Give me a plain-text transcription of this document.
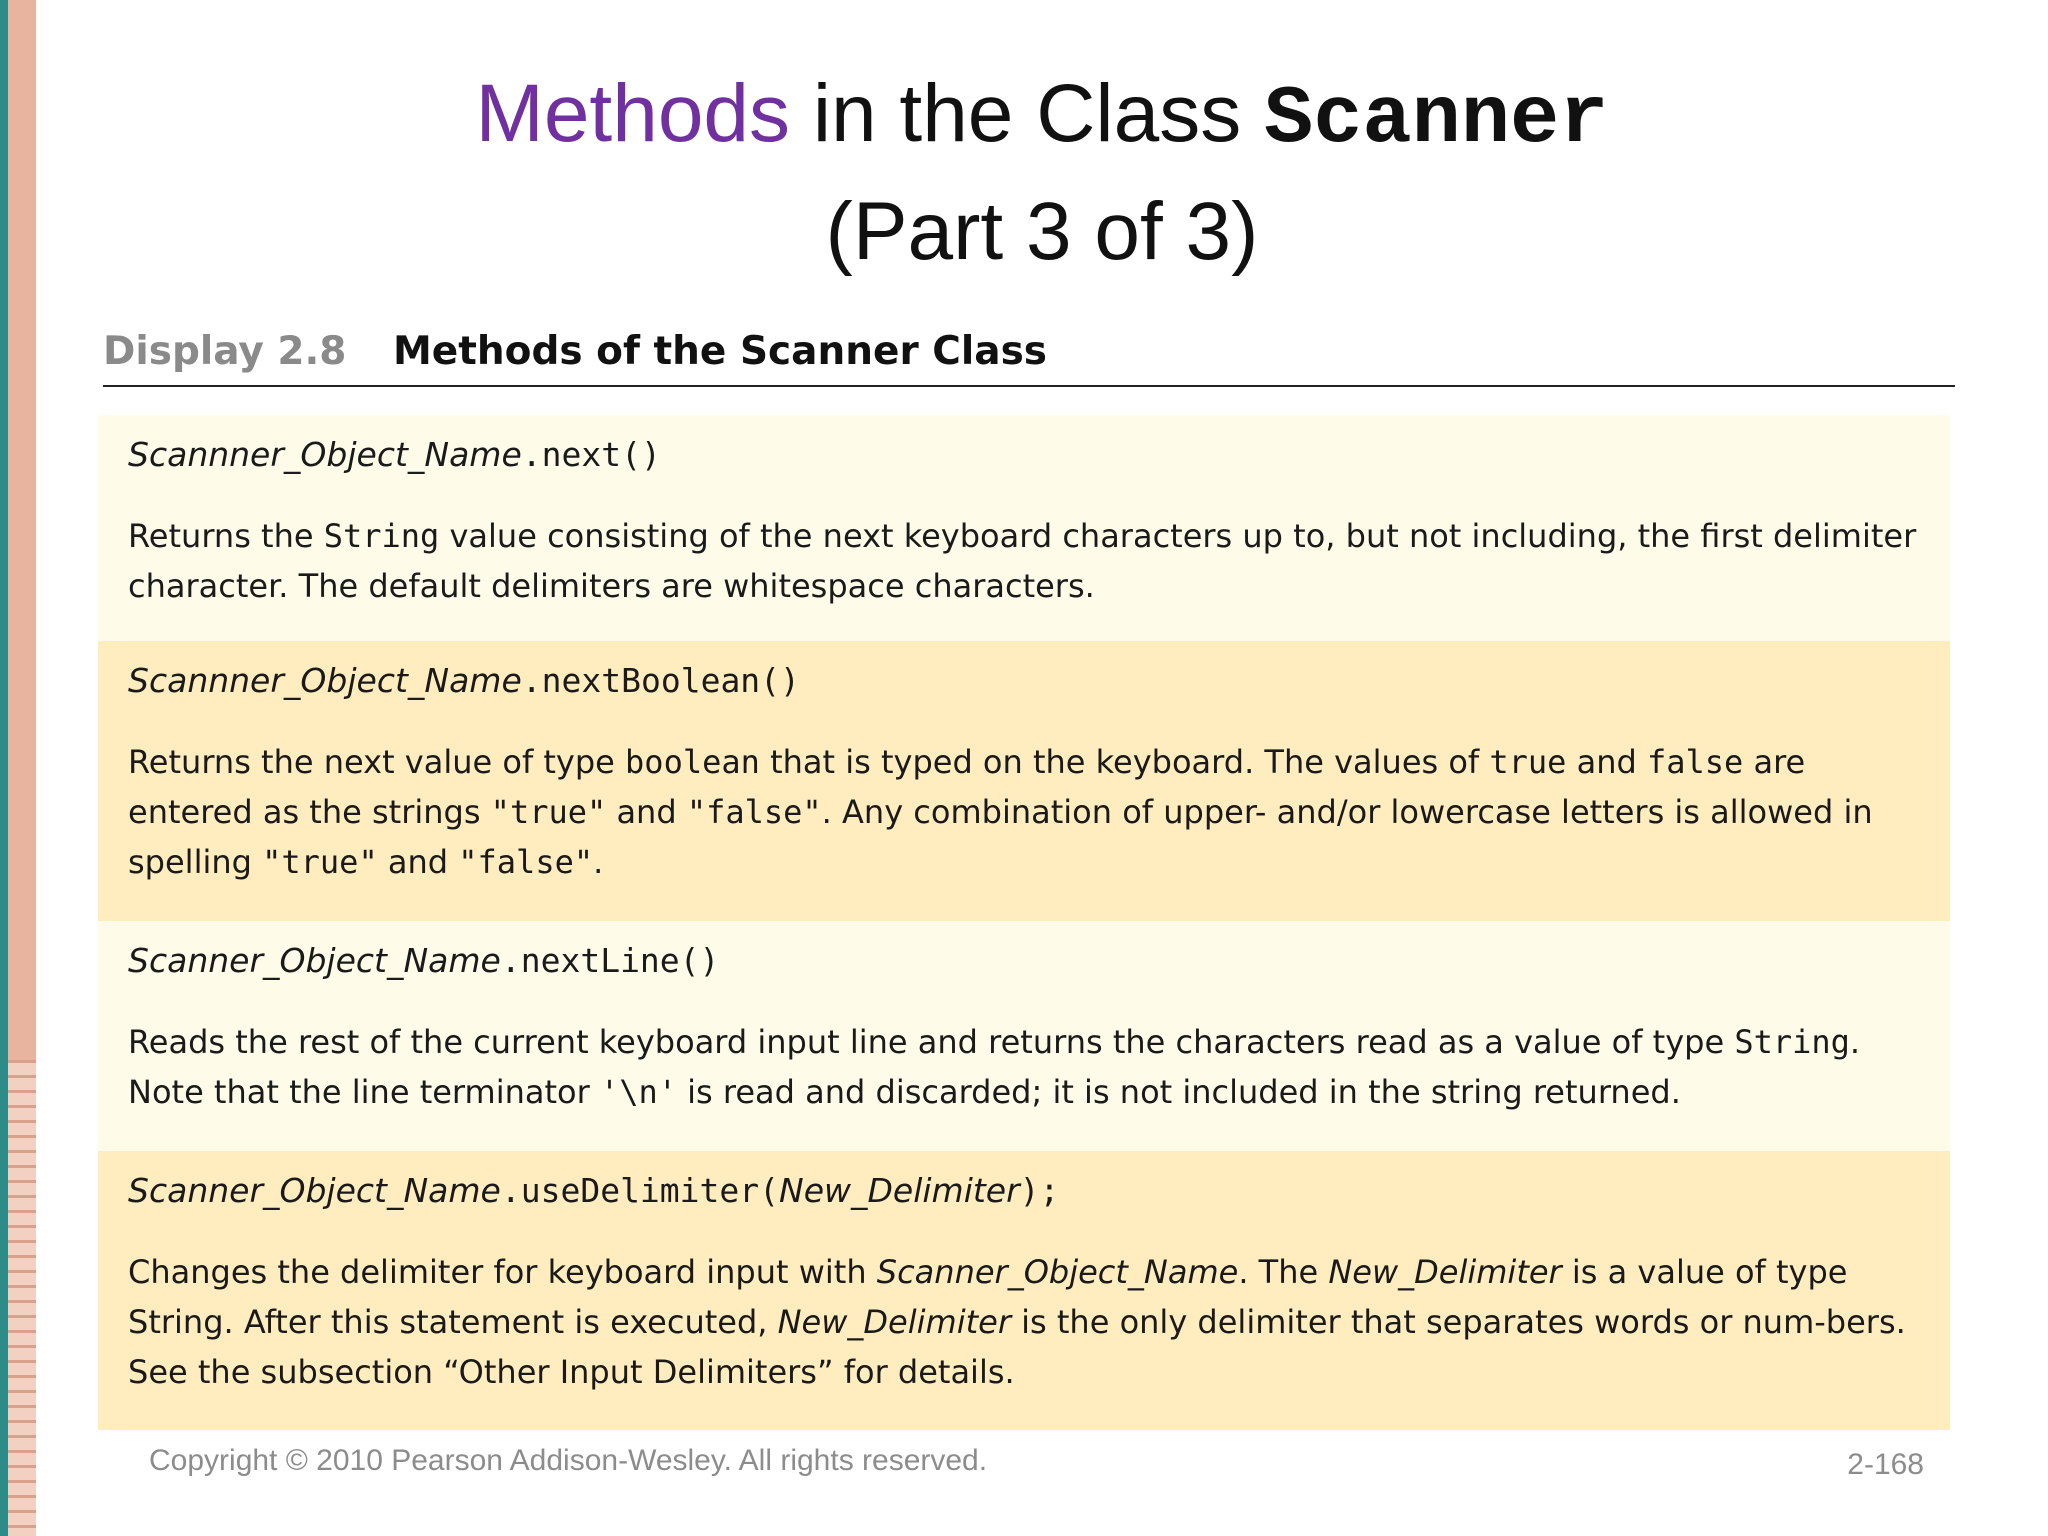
Methods in the Class Scanner
(Part 3 of 3)
Display 2.8 Methods of the Scanner Class

Scannner_Object_Name.next()

Returns the String value consisting of the next keyboard characters up to, but not including, the first delimiter character. The default delimiters are whitespace characters.

Scannner_Object_Name.nextBoolean()

Returns the next value of type boolean that is typed on the keyboard. The values of true and false are entered as the strings "true" and "false". Any combination of upper- and/or lowercase letters is allowed in spelling "true" and "false".

Scanner_Object_Name.nextLine()

Reads the rest of the current keyboard input line and returns the characters read as a value of type String. Note that the line terminator '\n' is read and discarded; it is not included in the string returned.

Scanner_Object_Name.useDelimiter(New_Delimiter);

Changes the delimiter for keyboard input with Scanner_Object_Name. The New_Delimiter is a value of type String. After this statement is executed, New_Delimiter is the only delimiter that separates words or num-bers. See the subsection “Other Input Delimiters” for details.

Copyright © 2010 Pearson Addison-Wesley. All rights reserved.	2-168
